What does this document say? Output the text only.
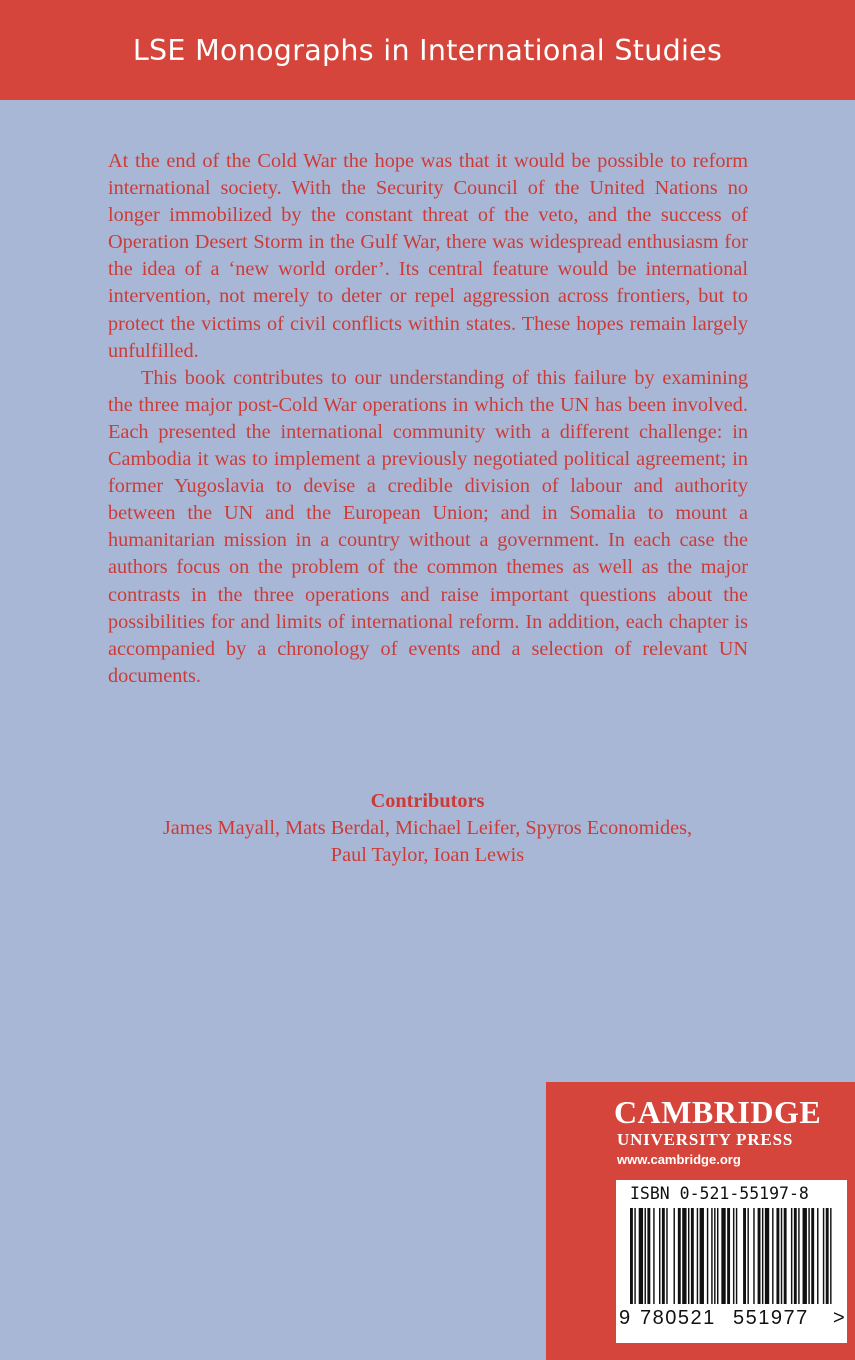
LSE Monographs in International Studies

At the end of the Cold War the hope was that it would be possible to reform international society. With the Security Council of the United Nations no longer immobilized by the constant threat of the veto, and the success of Operation Desert Storm in the Gulf War, there was widespread enthusiasm for the idea of a ‘new world order’. Its central feature would be international intervention, not merely to deter or repel aggression across frontiers, but to protect the victims of civil conflicts within states. These hopes remain largely unfulfilled.

This book contributes to our understanding of this failure by examining the three major post-Cold War operations in which the UN has been involved. Each presented the international community with a different challenge: in Cambodia it was to implement a previously negotiated political agreement; in former Yugoslavia to devise a credible division of labour and authority between the UN and the European Union; and in Somalia to mount a humanitarian mission in a country without a government. In each case the authors focus on the problem of the common themes as well as the major contrasts in the three operations and raise important questions about the possibilities for and limits of international reform. In addition, each chapter is accompanied by a chronology of events and a selection of relevant UN documents.

Contributors
James Mayall, Mats Berdal, Michael Leifer, Spyros Economides,
Paul Taylor, Ioan Lewis
CAMBRIDGE
UNIVERSITY PRESS
www.cambridge.org
ISBN 0-521-55197-8
9 780521 551977 >
